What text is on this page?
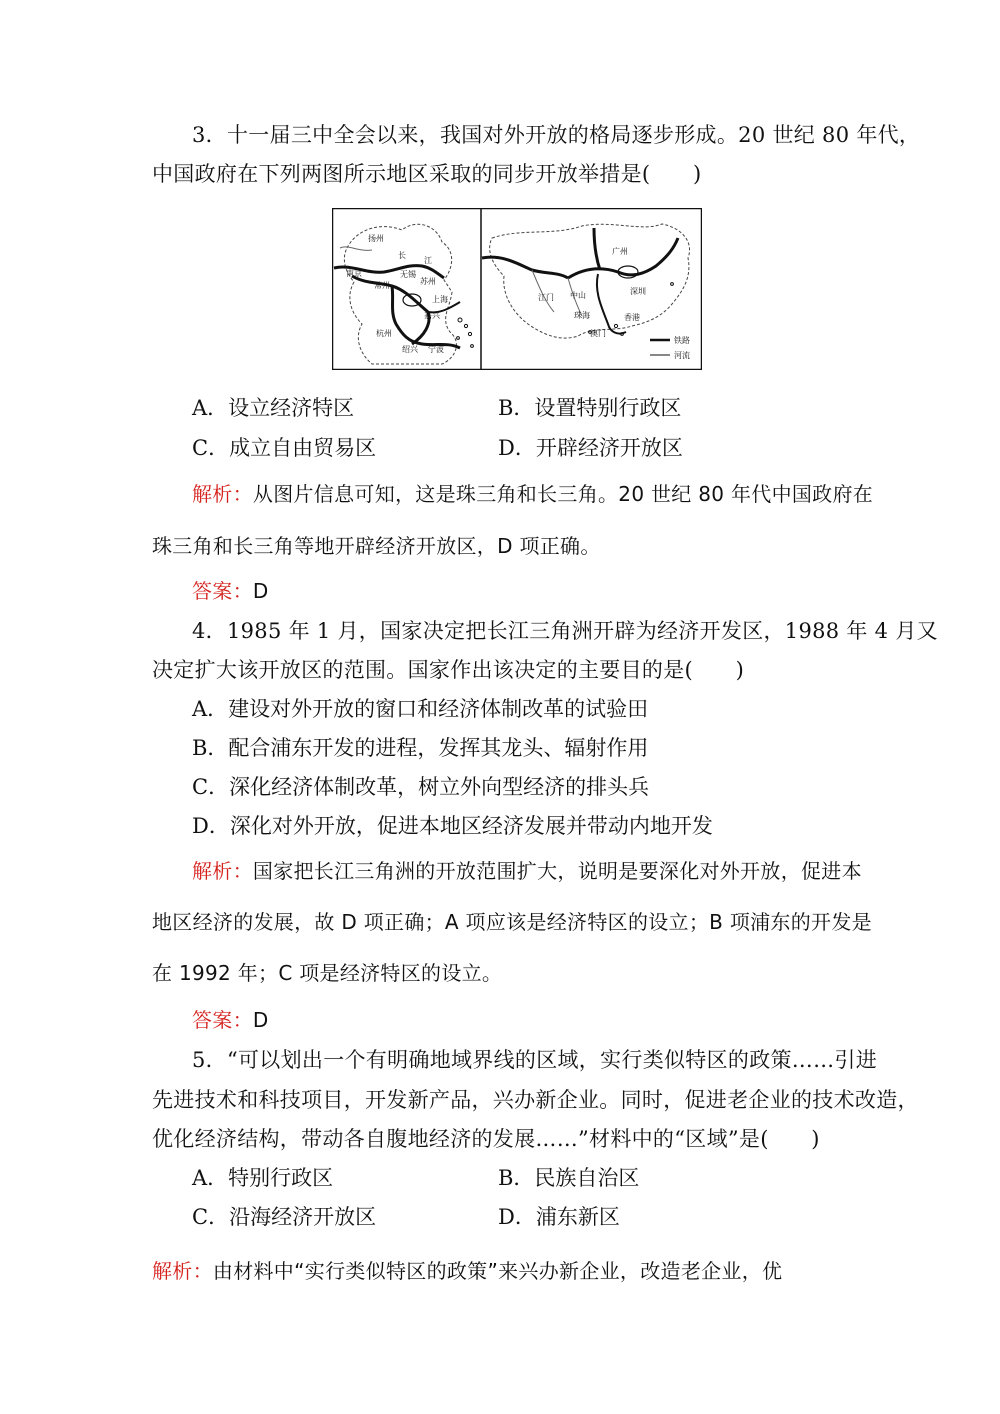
3．十一届三中全会以来，我国对外开放的格局逐步形成。20 世纪 80 年代，
中国政府在下列两图所示地区采取的同步开放举措是(　　)
扬州
长
江
南京
常州
无锡
苏州
上海
嘉兴
杭州
绍兴 宁波
广州
江门 中山	深圳
珠海
澳门
香港
铁路
河流
A．设立经济特区	B．设置特别行政区
C．成立自由贸易区	D．开辟经济开放区
解析：从图片信息可知，这是珠三角和长三角。20 世纪 80 年代中国政府在
珠三角和长三角等地开辟经济开放区，D 项正确。
答案：D
4．1985 年 1 月，国家决定把长江三角洲开辟为经济开发区，1988 年 4 月又
决定扩大该开放区的范围。国家作出该决定的主要目的是(　　)
A．建设对外开放的窗口和经济体制改革的试验田
B．配合浦东开发的进程，发挥其龙头、辐射作用
C．深化经济体制改革，树立外向型经济的排头兵
D．深化对外开放，促进本地区经济发展并带动内地开发
解析：国家把长江三角洲的开放范围扩大，说明是要深化对外开放，促进本
地区经济的发展，故 D 项正确；A 项应该是经济特区的设立；B 项浦东的开发是
在 1992 年；C 项是经济特区的设立。
答案：D
5．“可以划出一个有明确地域界线的区域，实行类似特区的政策……引进
先进技术和科技项目，开发新产品，兴办新企业。同时，促进老企业的技术改造，
优化经济结构，带动各自腹地经济的发展……”材料中的“区域”是(　　)
A．特别行政区	B．民族自治区
C．沿海经济开放区	D．浦东新区
解析：由材料中“实行类似特区的政策”来兴办新企业，改造老企业，优
